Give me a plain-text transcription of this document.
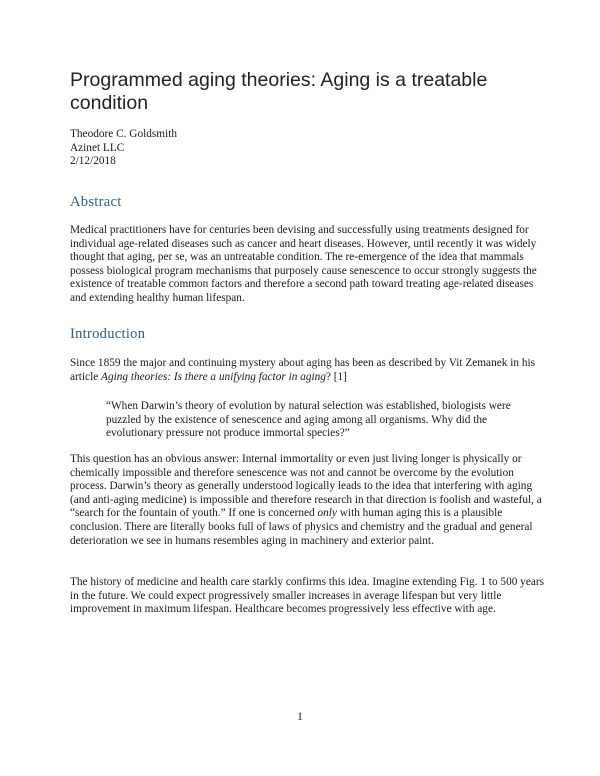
Programmed aging theories: Aging is a treatable condition
Theodore C. Goldsmith
Azinet LLC
2/12/2018
Abstract

Medical practitioners have for centuries been devising and successfully using treatments designed for individual age-related diseases such as cancer and heart diseases. However, until recently it was widely thought that aging, per se, was an untreatable condition. The re-emergence of the idea that mammals possess biological program mechanisms that purposely cause senescence to occur strongly suggests the existence of treatable common factors and therefore a second path toward treating age-related diseases and extending healthy human lifespan.

Introduction

Since 1859 the major and continuing mystery about aging has been as described by Vit Zemanek in his article Aging theories: Is there a unifying factor in aging? [1]

“When Darwin’s theory of evolution by natural selection was established, biologists were puzzled by the existence of senescence and aging among all organisms. Why did the evolutionary pressure not produce immortal species?”

This question has an obvious answer: Internal immortality or even just living longer is physically or chemically impossible and therefore senescence was not and cannot be overcome by the evolution process. Darwin’s theory as generally understood logically leads to the idea that interfering with aging (and anti-aging medicine) is impossible and therefore research in that direction is foolish and wasteful, a “search for the fountain of youth.” If one is concerned only with human aging this is a plausible conclusion. There are literally books full of laws of physics and chemistry and the gradual and general deterioration we see in humans resembles aging in machinery and exterior paint.

The history of medicine and health care starkly confirms this idea. Imagine extending Fig. 1 to 500 years in the future. We could expect progressively smaller increases in average lifespan but very little improvement in maximum lifespan. Healthcare becomes progressively less effective with age.

1
